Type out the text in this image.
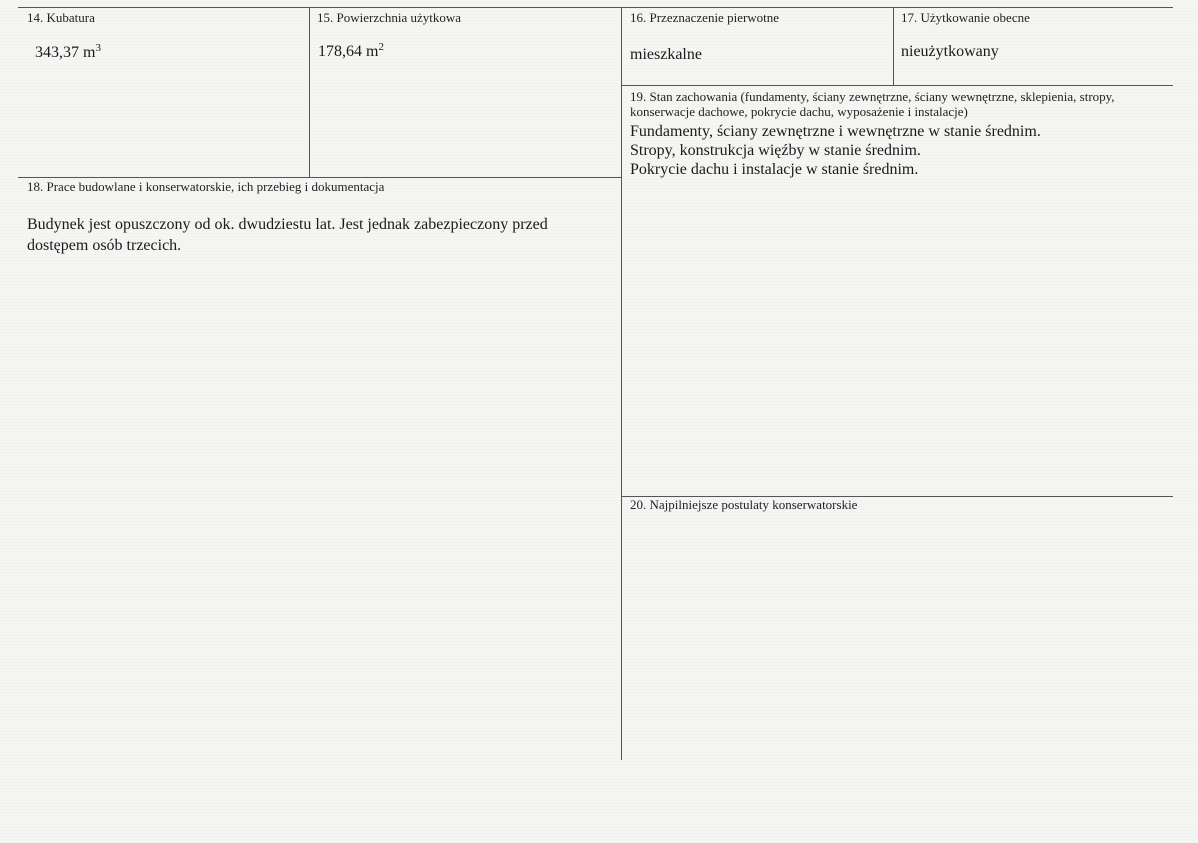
14. Kubatura
343,37 $m^3$
15. Powierzchnia użytkowa
178,64 $m^2$
16. Przeznaczenie pierwotne
mieszkalne
17. Użytkowanie obecne
nieużytkowany
19. Stan zachowania (fundamenty, ściany zewnętrzne, ściany wewnętrzne, sklepienia, stropy,
konserwacje dachowe, pokrycie dachu, wyposażenie i instalacje)
Fundamenty, ściany zewnętrzne i wewnętrzne w stanie średnim.
Stropy, konstrukcja więźby w stanie średnim.
Pokrycie dachu i instalacje w stanie średnim.
18. Prace budowlane i konserwatorskie, ich przebieg i dokumentacja
Budynek jest opuszczony od ok. dwudziestu lat. Jest jednak zabezpieczony przed
dostępem osób trzecich.
20. Najpilniejsze postulaty konserwatorskie
